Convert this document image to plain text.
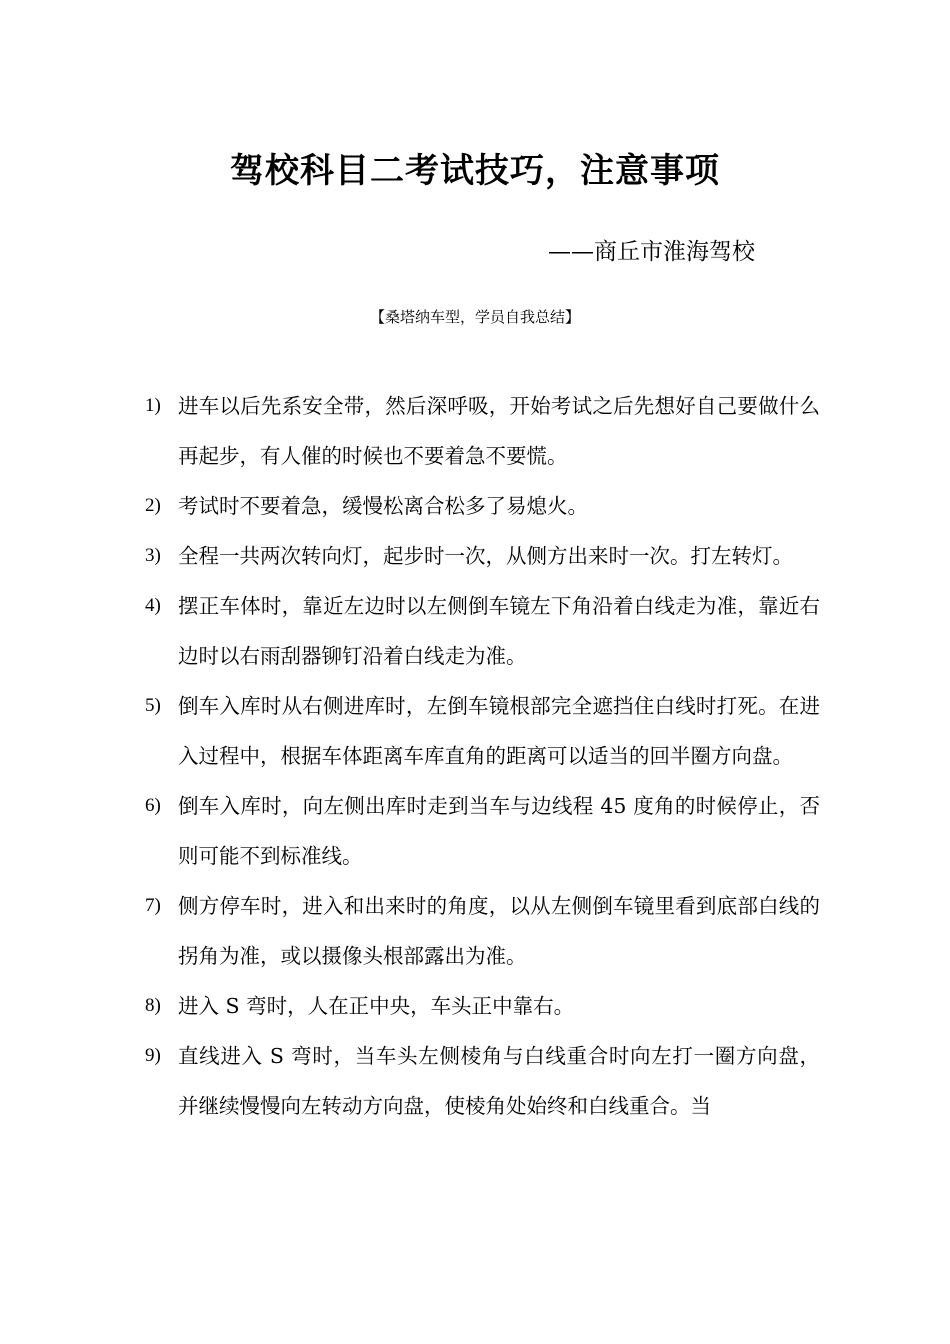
驾校科目二考试技巧，注意事项
——商丘市淮海驾校
【桑塔纳车型，学员自我总结】
1) 进车以后先系安全带，然后深呼吸，开始考试之后先想好自己要做什么再起步，有人催的时候也不要着急不要慌。
2) 考试时不要着急，缓慢松离合松多了易熄火。
3) 全程一共两次转向灯，起步时一次，从侧方出来时一次。打左转灯。
4) 摆正车体时，靠近左边时以左侧倒车镜左下角沿着白线走为准，靠近右边时以右雨刮器铆钉沿着白线走为准。
5) 倒车入库时从右侧进库时，左倒车镜根部完全遮挡住白线时打死。在进入过程中，根据车体距离车库直角的距离可以适当的回半圈方向盘。
6) 倒车入库时，向左侧出库时走到当车与边线程 45 度角的时候停止，否则可能不到标准线。
7) 侧方停车时，进入和出来时的角度，以从左侧倒车镜里看到底部白线的拐角为准，或以摄像头根部露出为准。
8) 进入 S 弯时，人在正中央，车头正中靠右。
9) 直线进入 S 弯时，当车头左侧棱角与白线重合时向左打一圈方向盘，并继续慢慢向左转动方向盘，使棱角处始终和白线重合。当
